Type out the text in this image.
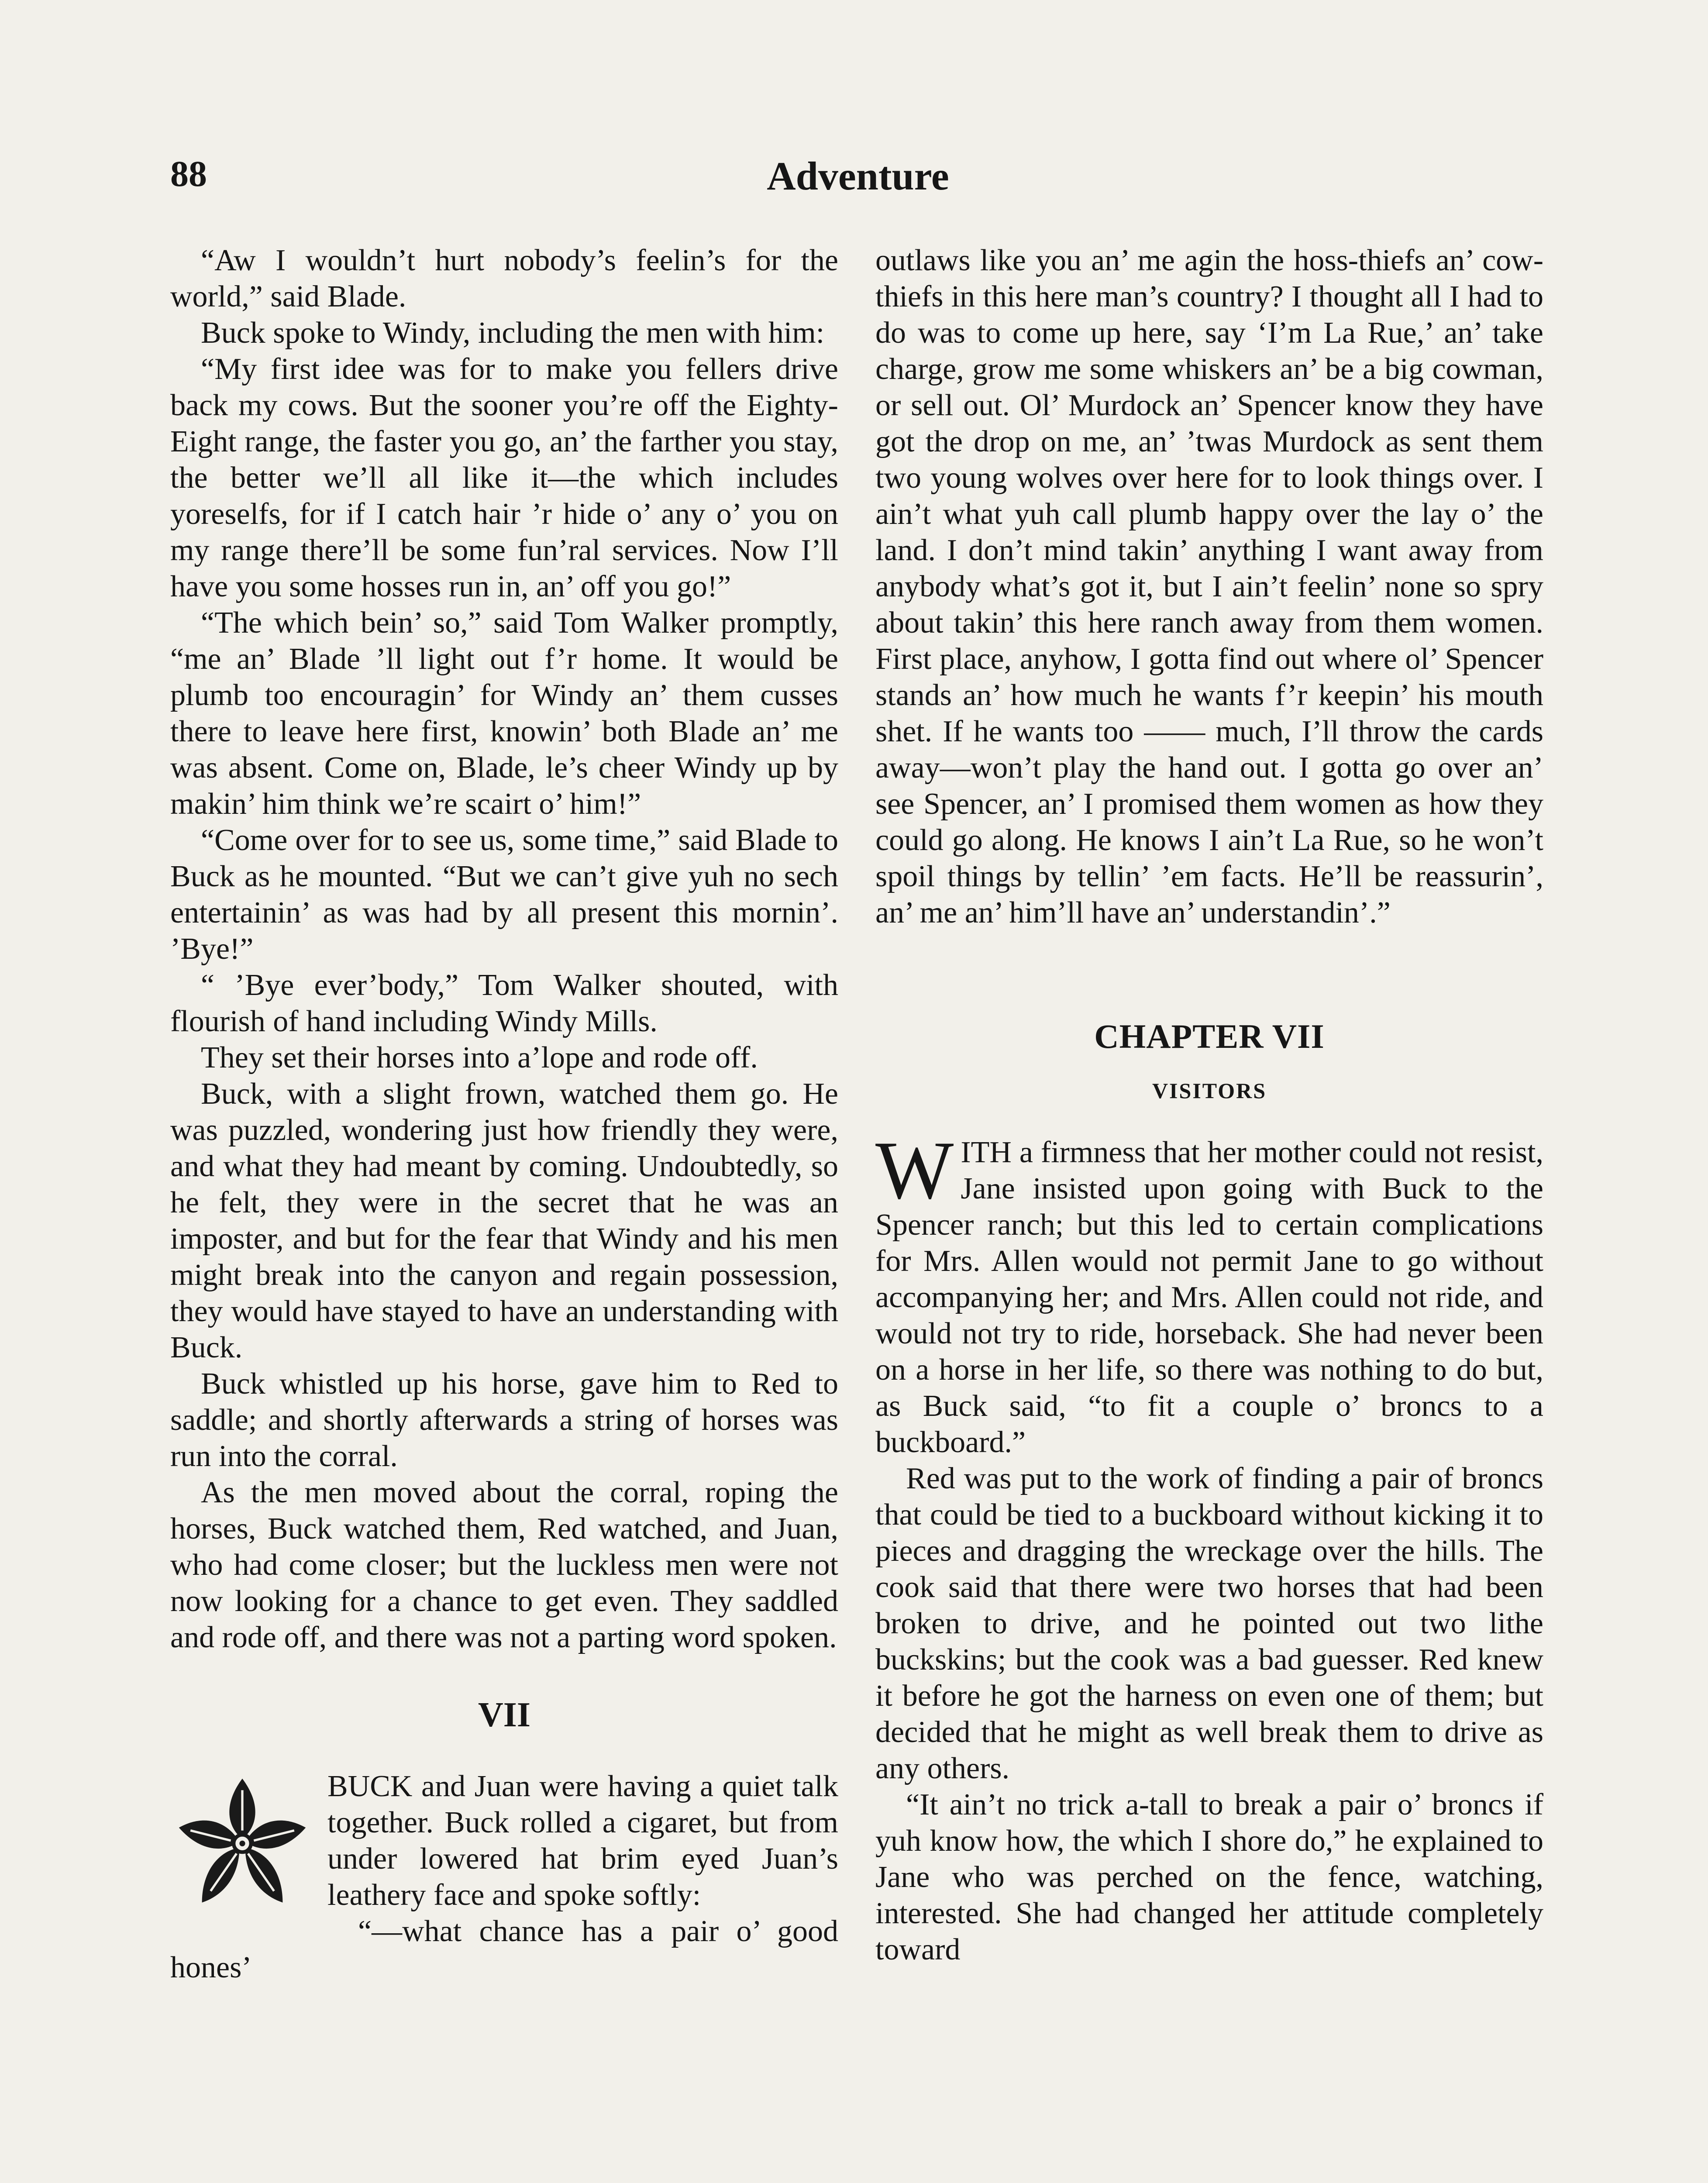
88	Adventure

“Aw I wouldn’t hurt nobody’s feelin’s for the world,” said Blade.

Buck spoke to Windy, including the men with him:

“My first idee was for to make you fellers drive back my cows. But the sooner you’re off the Eighty-Eight range, the faster you go, an’ the farther you stay, the better we’ll all like it—the which includes yoreselfs, for if I catch hair ’r hide o’ any o’ you on my range there’ll be some fun’ral services. Now I’ll have you some hosses run in, an’ off you go!”

“The which bein’ so,” said Tom Walker promptly, “me an’ Blade ’ll light out f’r home. It would be plumb too encouragin’ for Windy an’ them cusses there to leave here first, knowin’ both Blade an’ me was absent. Come on, Blade, le’s cheer Windy up by makin’ him think we’re scairt o’ him!”

“Come over for to see us, some time,” said Blade to Buck as he mounted. “But we can’t give yuh no sech entertainin’ as was had by all present this mornin’. ’Bye!”

“ ’Bye ever’body,” Tom Walker shouted, with flourish of hand including Windy Mills.

They set their horses into a’lope and rode off.

Buck, with a slight frown, watched them go. He was puzzled, wondering just how friendly they were, and what they had meant by coming. Undoubtedly, so he felt, they were in the secret that he was an imposter, and but for the fear that Windy and his men might break into the canyon and regain possession, they would have stayed to have an understanding with Buck.

Buck whistled up his horse, gave him to Red to saddle; and shortly afterwards a string of horses was run into the corral.

As the men moved about the corral, roping the horses, Buck watched them, Red watched, and Juan, who had come closer; but the luckless men were not now looking for a chance to get even. They saddled and rode off, and there was not a parting word spoken.

VII

BUCK and Juan were having a quiet talk together. Buck rolled a cigaret, but from under lowered hat brim eyed Juan’s leathery face and spoke softly:

“—what chance has a pair o’ good hones’

outlaws like you an’ me agin the hoss-thiefs an’ cow-thiefs in this here man’s country? I thought all I had to do was to come up here, say ‘I’m La Rue,’ an’ take charge, grow me some whiskers an’ be a big cowman, or sell out. Ol’ Murdock an’ Spencer know they have got the drop on me, an’ ’twas Murdock as sent them two young wolves over here for to look things over. I ain’t what yuh call plumb happy over the lay o’ the land. I don’t mind takin’ anything I want away from anybody what’s got it, but I ain’t feelin’ none so spry about takin’ this here ranch away from them women. First place, anyhow, I gotta find out where ol’ Spencer stands an’ how much he wants f’r keepin’ his mouth shet. If he wants too —— much, I’ll throw the cards away—won’t play the hand out. I gotta go over an’ see Spencer, an’ I promised them women as how they could go along. He knows I ain’t La Rue, so he won’t spoil things by tellin’ ’em facts. He’ll be reassurin’, an’ me an’ him’ll have an’ understandin’.”

CHAPTER VII
VISITORS

WITH a firmness that her mother could not resist, Jane insisted upon going with Buck to the Spencer ranch; but this led to certain complications for Mrs. Allen would not permit Jane to go without accompanying her; and Mrs. Allen could not ride, and would not try to ride, horseback. She had never been on a horse in her life, so there was nothing to do but, as Buck said, “to fit a couple o’ broncs to a buckboard.”

Red was put to the work of finding a pair of broncs that could be tied to a buckboard without kicking it to pieces and dragging the wreckage over the hills. The cook said that there were two horses that had been broken to drive, and he pointed out two lithe buckskins; but the cook was a bad guesser. Red knew it before he got the harness on even one of them; but decided that he might as well break them to drive as any others.

“It ain’t no trick a-tall to break a pair o’ broncs if yuh know how, the which I shore do,” he explained to Jane who was perched on the fence, watching, interested. She had changed her attitude completely toward
